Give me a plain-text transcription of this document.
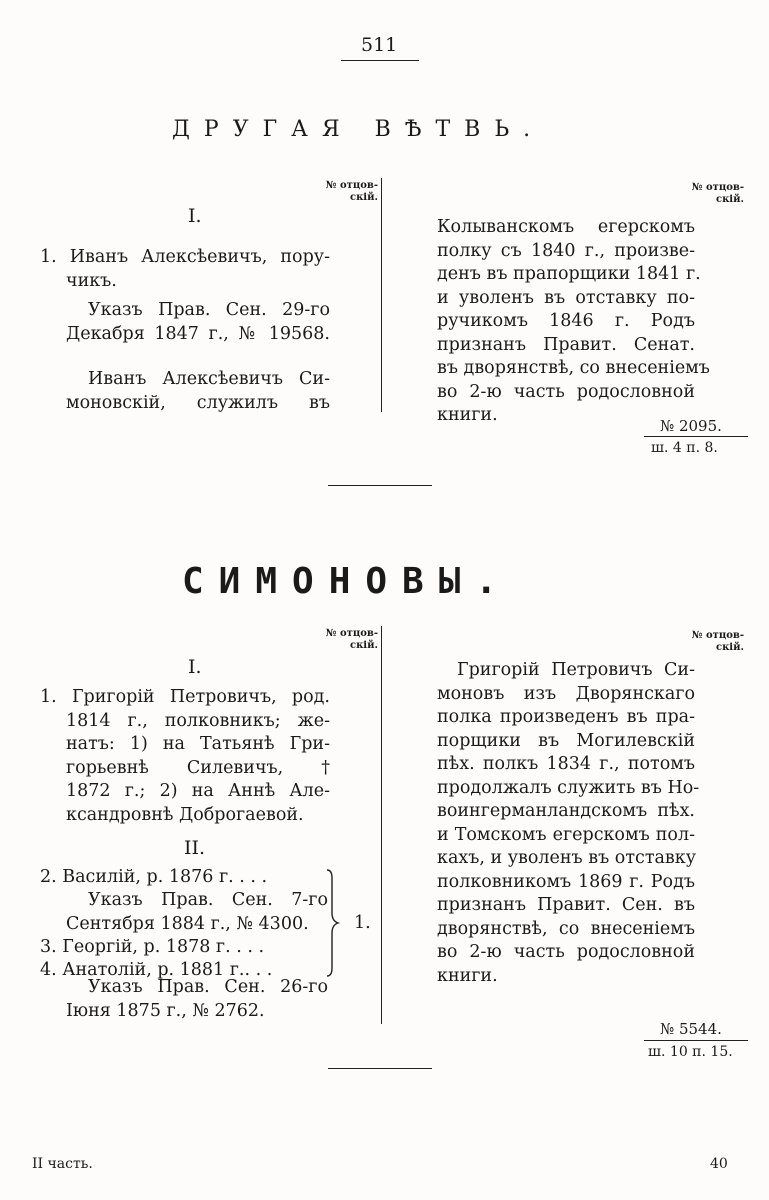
511
ДРУГАЯ ВѢТВЬ.
№ отцов-
скій.
№ отцов-
скій.
I.
1. Иванъ Алексѣевичъ, пору-
чикъ.
Указъ Прав. Сен. 29-го
Декабря 1847 г., № 19568.
Иванъ Алексѣевичъ Си-
моновскій, служилъ въ
Колыванскомъ егерскомъ
полку съ 1840 г., произве-
денъ въ прапорщики 1841 г.
и уволенъ въ отставку по-
ручикомъ 1846 г. Родъ
признанъ Правит. Сенат.
въ дворянствѣ, со внесеніемъ
во 2-ю часть родословной
книги.
№ 2095.
ш. 4 п. 8.
СИМОНОВЫ.
№ отцов-
скій.
№ отцов-
скій.
I.
1. Григорій Петровичъ, род.
1814 г., полковникъ; же-
натъ: 1) на Татьянѣ Гри-
горьевнѣ Силевичъ, †
1872 г.; 2) на Аннѣ Але-
ксандровнѣ Доброгаевой.
II.
2. Василій, р. 1876 г. . . .
Указъ Прав. Сен. 7-го
Сентября 1884 г., № 4300.
3. Георгій, р. 1878 г. . . .
4. Анатолій, р. 1881 г.. . .
1.
Указъ Прав. Сен. 26-го
Іюня 1875 г., № 2762.
Григорій Петровичъ Си-
моновъ изъ Дворянскаго
полка произведенъ въ пра-
порщики въ Могилевскій
пѣх. полкъ 1834 г., потомъ
продолжалъ служить въ Но-
воингерманландскомъ пѣх.
и Томскомъ егерскомъ пол-
кахъ, и уволенъ въ отставку
полковникомъ 1869 г. Родъ
признанъ Правит. Сен. въ
дворянствѣ, со внесеніемъ
во 2-ю часть родословной
книги.
№ 5544.
ш. 10 п. 15.
II часть.	40
